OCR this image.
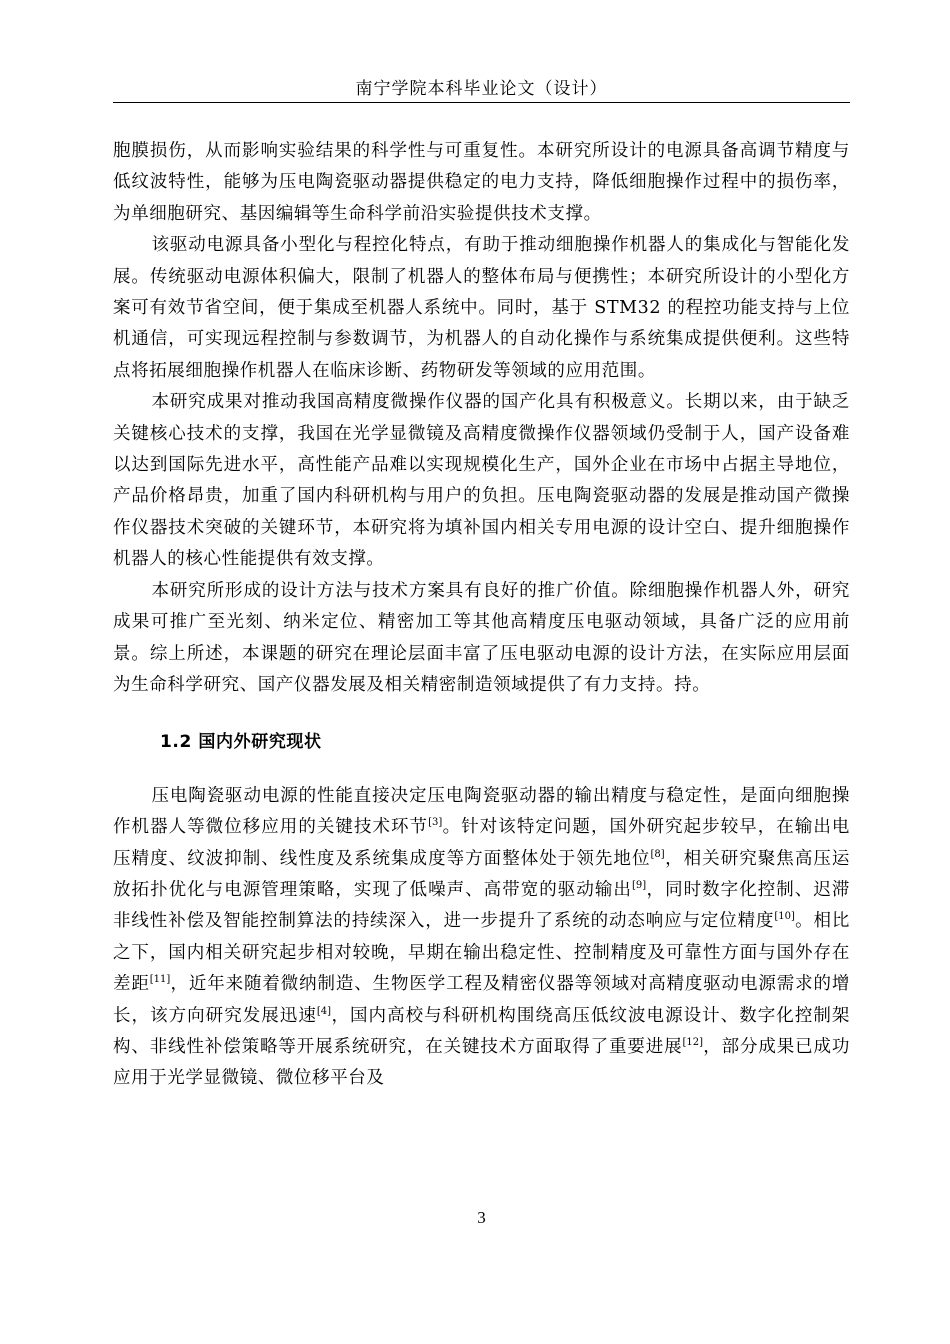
南宁学院本科毕业论文（设计）

胞膜损伤，从而影响实验结果的科学性与可重复性。本研究所设计的电源具备高调节精度与低纹波特性，能够为压电陶瓷驱动器提供稳定的电力支持，降低细胞操作过程中的损伤率，为单细胞研究、基因编辑等生命科学前沿实验提供技术支撑。

该驱动电源具备小型化与程控化特点，有助于推动细胞操作机器人的集成化与智能化发展。传统驱动电源体积偏大，限制了机器人的整体布局与便携性；本研究所设计的小型化方案可有效节省空间，便于集成至机器人系统中。同时，基于 STM32 的程控功能支持与上位机通信，可实现远程控制与参数调节，为机器人的自动化操作与系统集成提供便利。这些特点将拓展细胞操作机器人在临床诊断、药物研发等领域的应用范围。

本研究成果对推动我国高精度微操作仪器的国产化具有积极意义。长期以来，由于缺乏关键核心技术的支撑，我国在光学显微镜及高精度微操作仪器领域仍受制于人，国产设备难以达到国际先进水平，高性能产品难以实现规模化生产，国外企业在市场中占据主导地位，产品价格昂贵，加重了国内科研机构与用户的负担。压电陶瓷驱动器的发展是推动国产微操作仪器技术突破的关键环节，本研究将为填补国内相关专用电源的设计空白、提升细胞操作机器人的核心性能提供有效支撑。

本研究所形成的设计方法与技术方案具有良好的推广价值。除细胞操作机器人外，研究成果可推广至光刻、纳米定位、精密加工等其他高精度压电驱动领域，具备广泛的应用前景。综上所述，本课题的研究在理论层面丰富了压电驱动电源的设计方法，在实际应用层面为生命科学研究、国产仪器发展及相关精密制造领域提供了有力支持。持。

1.2 国内外研究现状

压电陶瓷驱动电源的性能直接决定压电陶瓷驱动器的输出精度与稳定性，是面向细胞操作机器人等微位移应用的关键技术环节[3]。针对该特定问题，国外研究起步较早，在输出电压精度、纹波抑制、线性度及系统集成度等方面整体处于领先地位[8]，相关研究聚焦高压运放拓扑优化与电源管理策略，实现了低噪声、高带宽的驱动输出[9]，同时数字化控制、迟滞非线性补偿及智能控制算法的持续深入，进一步提升了系统的动态响应与定位精度[10]。相比之下，国内相关研究起步相对较晚，早期在输出稳定性、控制精度及可靠性方面与国外存在差距[11]，近年来随着微纳制造、生物医学工程及精密仪器等领域对高精度驱动电源需求的增长，该方向研究发展迅速[4]，国内高校与科研机构围绕高压低纹波电源设计、数字化控制架构、非线性补偿策略等开展系统研究，在关键技术方面取得了重要进展[12]，部分成果已成功应用于光学显微镜、微位移平台及

3
